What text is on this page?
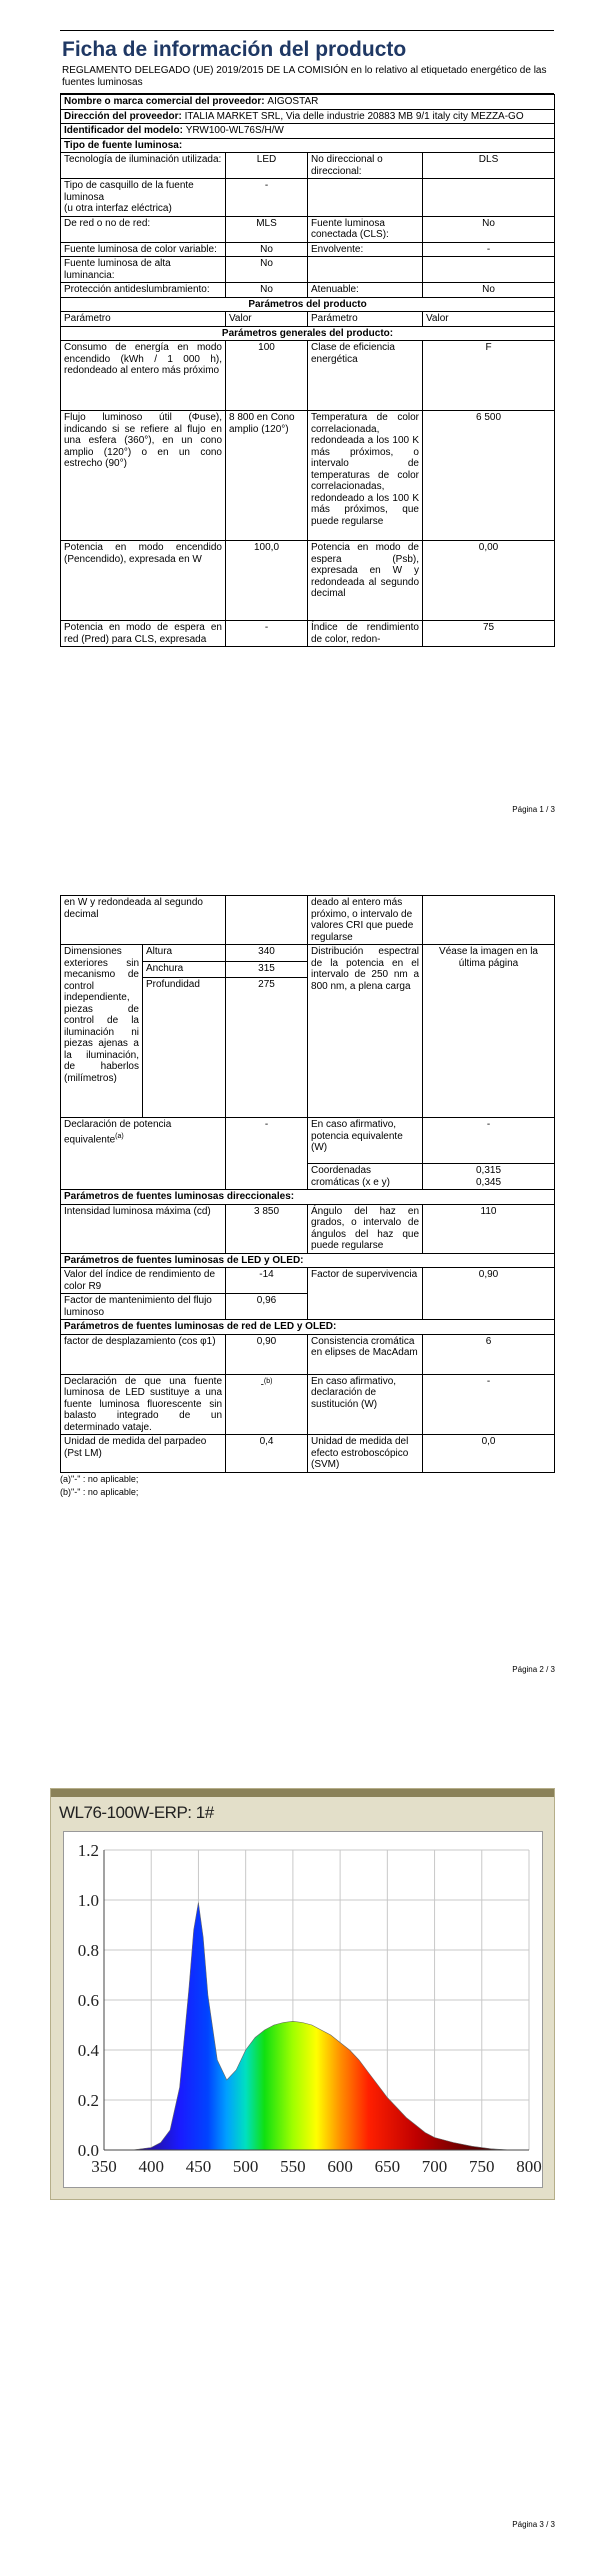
Ficha de información del producto
REGLAMENTO DELEGADO (UE) 2019/2015 DE LA COMISIÓN en lo relativo al etiquetado energético de las fuentes luminosas
Nombre o marca comercial del proveedor: AIGOSTAR			
Dirección del proveedor: ITALIA MARKET SRL, Via delle industrie 20883 MB 9/1 italy city MEZZA-GO			
Identificador del modelo: YRW100-WL76S/H/W			
Tipo de fuente luminosa:			
Tecnología de iluminación utilizada:	LED	No direccional o direccional:	DLS

Tipo de casquillo de la fuente luminosa
(u otra interfaz eléctrica)	-		
De red o no de red:	MLS	Fuente luminosa conectada (CLS):	No
Fuente luminosa de color variable:	No	Envolvente:	-
Fuente luminosa de alta luminancia:	No		
Protección antideslumbramiento:	No	Atenuable:	No
Parámetros del producto			
Parámetro	Valor	Parámetro	Valor
Parámetros generales del producto:			
Consumo de energía en modo encendido (kWh / 1 000 h), redondeado al entero más próximo	100	Clase de eficiencia energética	F
Flujo luminoso útil (Φuse), indicando si se refiere al flujo en una esfera (360°), en un cono amplio (120°) o en un cono estrecho (90°)	8 800 en Cono amplio (120°)	Temperatura de color correlacionada, redondeada a los 100 K más próximos, o intervalo de temperaturas de color correlacionadas, redondeado a los 100 K más próximos, que puede regularse	6 500
Potencia en modo encendido (Pencendido), expresada en W	100,0	Potencia en modo de espera (Psb), expresada en W y redondeada al segundo decimal	0,00
Potencia en modo de espera en red (Pred) para CLS, expresada	-	Índice de rendimiento de color, redon-	75
Página 1 / 3
en W y redondeada al segundo decimal			deado al entero más próximo, o intervalo de valores CRI que puede regularse	
Dimensiones exteriores sin mecanismo de control independiente, piezas de control de la iluminación ni piezas ajenas a la iluminación, de haberlos (milímetros)	Altura	340	Distribución espectral de la potencia en el intervalo de 250 nm a 800 nm, a plena carga	Véase la imagen en la última página
	Anchura	315		
	Profundidad	275		
Declaración de potencia equivalente$^{(a)}$		-	En caso afirmativo, potencia equivalente (W)	-
			Coordenadas cromáticas (x e y)	0,315
0,345

Parámetros de fuentes luminosas direccionales:				
Intensidad luminosa máxima (cd)		3 850	Ángulo del haz en grados, o intervalo de ángulos del haz que puede regularse	110
Parámetros de fuentes luminosas de LED y OLED:				
Valor del índice de rendimiento de color R9		-14	Factor de supervivencia	0,90
Factor de mantenimiento del flujo luminoso		0,96		
Parámetros de fuentes luminosas de red de LED y OLED:				
factor de desplazamiento (cos φ1)		0,90	Consistencia cromática en elipses de MacAdam	6
Declaración de que una fuente luminosa de LED sustituye a una fuente luminosa fluorescente sin balasto integrado de un determinado vataje.		-$^{(b)}$	En caso afirmativo, declaración de sustitución (W)	-
Unidad de medida del parpadeo (Pst LM)		0,4	Unidad de medida del efecto estroboscópico (SVM)	0,0
(a)"-" : no aplicable;
(b)"-" : no aplicable;
Página 2 / 3
WL76-100W-ERP: 1#
350 400 450 500 550 600 650 700 750 800
0.0
0.2
0.4
0.6
0.8
1.0
1.2
Página 3 / 3
